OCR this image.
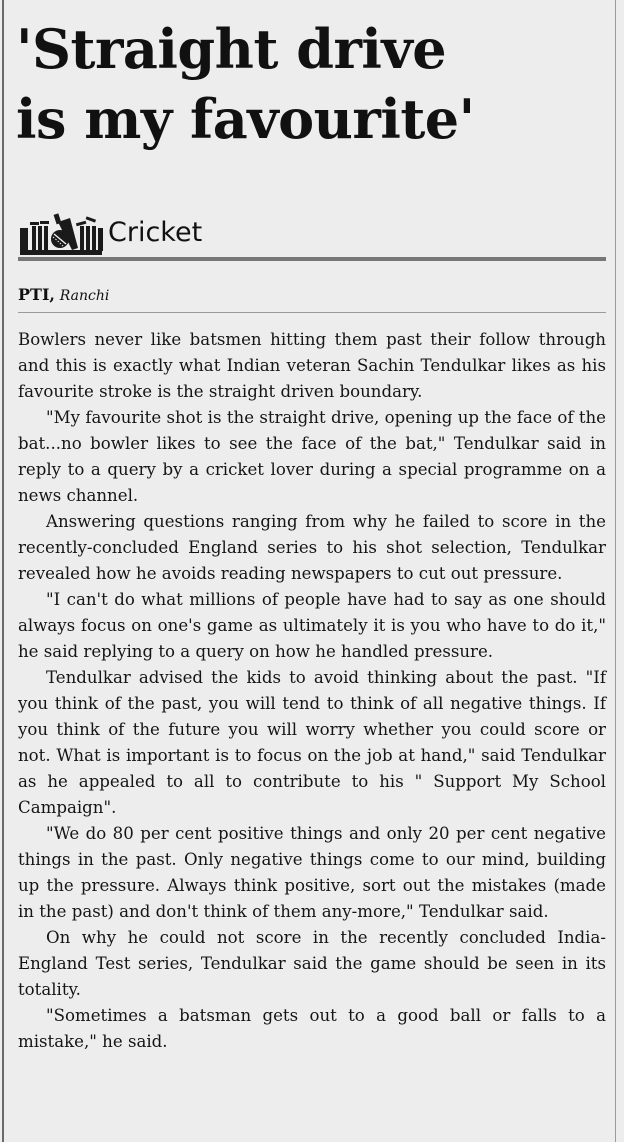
'Straight drive
is my favourite'
Cricket
PTI, Ranchi

Bowlers never like batsmen hitting them past their follow through and this is exactly what Indian veteran Sachin Tendulkar likes as his favourite stroke is the straight driven boundary.

"My favourite shot is the straight drive, opening up the face of the bat...no bowler likes to see the face of the bat," Tendulkar said in reply to a query by a cricket lover during a special programme on a news channel.

Answering questions ranging from why he failed to score in the recently-concluded England series to his shot selection, Tendulkar revealed how he avoids reading newspapers to cut out pressure.

"I can't do what millions of people have had to say as one should always focus on one's game as ultimately it is you who have to do it," he said replying to a query on how he handled pressure.

Tendulkar advised the kids to avoid thinking about the past. "If you think of the past, you will tend to think of all negative things. If you think of the future you will worry whether you could score or not. What is important is to focus on the job at hand," said Tendulkar as he appealed to all to contribute to his " Support My School Campaign".

"We do 80 per cent positive things and only 20 per cent negative things in the past. Only negative things come to our mind, building up the pressure. Always think positive, sort out the mistakes (made in the past) and don't think of them any-more," Tendulkar said.

On why he could not score in the recently concluded India-England Test series, Tendulkar said the game should be seen in its totality.

"Sometimes a batsman gets out to a good ball or falls to a mistake," he said.
